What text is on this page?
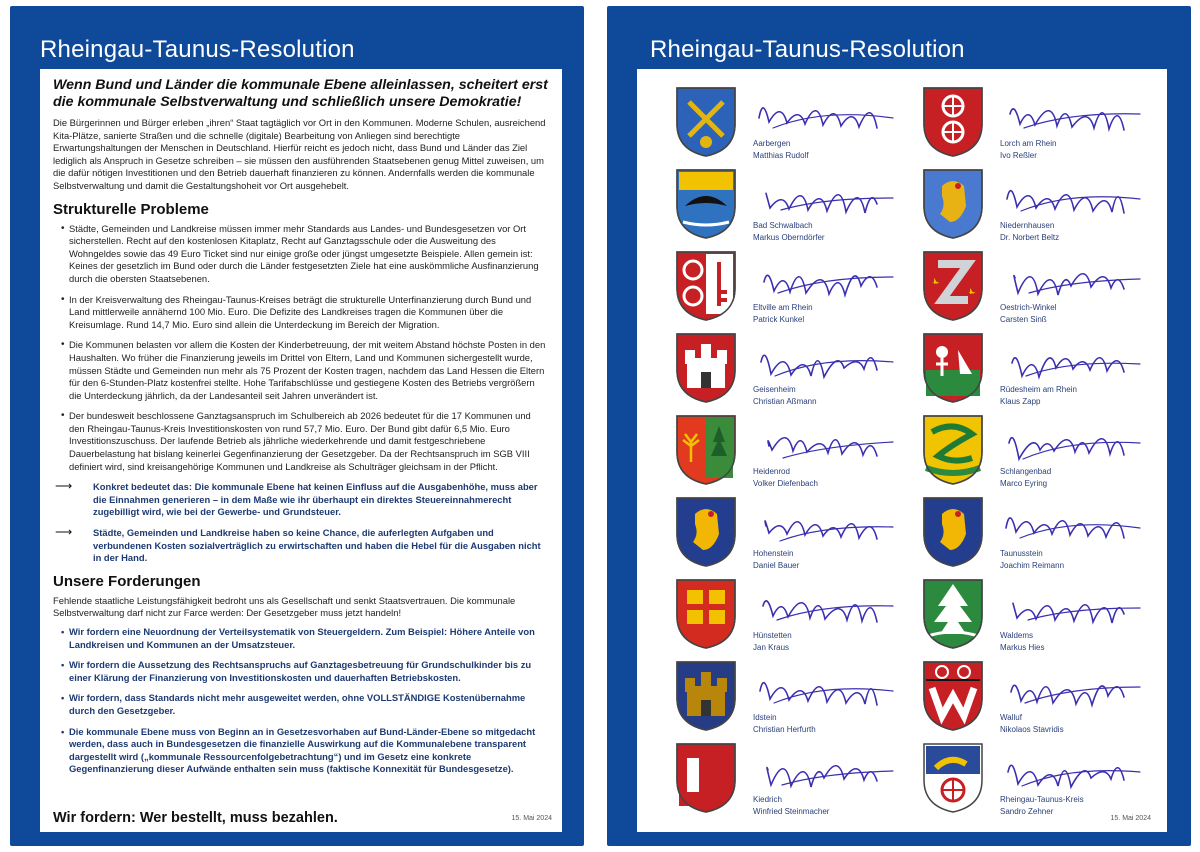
Rheingau-Taunus-Resolution
Wenn Bund und Länder die kommunale Ebene alleinlassen, scheitert erst die kommunale Selbstverwaltung und schließlich unsere Demokratie!

Die Bürgerinnen und Bürger erleben „ihren“ Staat tagtäglich vor Ort in den Kommunen. Moderne Schulen, ausreichend Kita-Plätze, sanierte Straßen und die schnelle (digitale) Bearbeitung von Anliegen sind berechtigte Erwartungshaltungen der Menschen in Deutschland. Hierfür reicht es jedoch nicht, dass Bund und Länder das Ziel lediglich als Anspruch in Gesetze schreiben – sie müssen den ausführenden Staatsebenen genug Mittel zuweisen, um die dafür nötigen Investitionen und den Betrieb dauerhaft finanzieren zu können. Andernfalls werden die kommunale Selbstverwaltung und damit die Gestaltungshoheit vor Ort ausgehebelt.

Strukturelle Probleme
• Städte, Gemeinden und Landkreise müssen immer mehr Standards aus Landes- und Bundesgesetzen vor Ort sicherstellen. Recht auf den kostenlosen Kitaplatz, Recht auf Ganztagsschule oder die Ausweitung des Wohngeldes sowie das 49 Euro Ticket sind nur einige große oder jüngst umgesetzte Beispiele. Allen gemein ist: Keines der gesetzlich im Bund oder durch die Länder festgesetzten Ziele hat eine auskömmliche Ausfinanzierung durch die obersten Staatsebenen.
• In der Kreisverwaltung des Rheingau-Taunus-Kreises beträgt die strukturelle Unterfinanzierung durch Bund und Land mittlerweile annähernd 100 Mio. Euro. Die Defizite des Landkreises tragen die Kommunen über die Kreisumlage. Rund 14,7 Mio. Euro sind allein die Unterdeckung im Bereich der Migration.
• Die Kommunen belasten vor allem die Kosten der Kinderbetreuung, der mit weitem Abstand höchste Posten in den Haushalten. Wo früher die Finanzierung jeweils im Drittel von Eltern, Land und Kommunen sichergestellt wurde, müssen Städte und Gemeinden nun mehr als 75 Prozent der Kosten tragen, nachdem das Land Hessen die Eltern für den 6-Stunden-Platz kostenfrei stellte. Hohe Tarifabschlüsse und gestiegene Kosten des Betriebs vergrößern die Unterdeckung jährlich, da der Landesanteil seit Jahren unverändert ist.
• Der bundesweit beschlossene Ganztagsanspruch im Schulbereich ab 2026 bedeutet für die 17 Kommunen und den Rheingau-Taunus-Kreis Investitionskosten von rund 57,7 Mio. Euro. Der Bund gibt dafür 6,5 Mio. Euro Investitionszuschuss. Der laufende Betrieb als jährliche wiederkehrende und damit festgeschriebene Dauerbelastung hat bislang keinerlei Gegenfinanzierung der Gesetzgeber. Da der Rechtsanspruch im SGB VIII definiert wird, sind kreisangehörige Kommunen und Landkreise als Schulträger gleichsam in der Pflicht.
⟶ Konkret bedeutet das: Die kommunale Ebene hat keinen Einfluss auf die Ausgabenhöhe, muss aber die Einnahmen generieren – in dem Maße wie ihr überhaupt ein direktes Steuereinnahmerecht zugebilligt wird, wie bei der Gewerbe- und Grundsteuer.
⟶ Städte, Gemeinden und Landkreise haben so keine Chance, die auferlegten Aufgaben und verbundenen Kosten sozialverträglich zu erwirtschaften und haben die Hebel für die Ausgaben nicht in der Hand.
Unsere Forderungen

Fehlende staatliche Leistungsfähigkeit bedroht uns als Gesellschaft und senkt Staatsvertrauen. Die kommunale Selbstverwaltung darf nicht zur Farce werden: Der Gesetzgeber muss jetzt handeln!

• Wir fordern eine Neuordnung der Verteilsystematik von Steuergeldern. Zum Beispiel: Höhere Anteile von Landkreisen und Kommunen an der Umsatzsteuer.
• Wir fordern die Aussetzung des Rechtsanspruchs auf Ganztagesbetreuung für Grundschulkinder bis zu einer Klärung der Finanzierung von Investitionskosten und dauerhaften Betriebskosten.
• Wir fordern, dass Standards nicht mehr ausgeweitet werden, ohne VOLLSTÄNDIGE Kostenübernahme durch den Gesetzgeber.
• Die kommunale Ebene muss von Beginn an in Gesetzesvorhaben auf Bund-Länder-Ebene so mitgedacht werden, dass auch in Bundesgesetzen die finanzielle Auswirkung auf die Kommunalebene transparent dargestellt wird („kommunale Ressourcenfolgebetrachtung“) und im Gesetz eine konkrete Gegenfinanzierung dieser Aufwände enthalten sein muss (faktische Konnexität für Bundesgesetze).
Wir fordern: Wer bestellt, muss bezahlen.	15. Mai 2024
Rheingau-Taunus-Resolution
15. Mai 2024
Aarbergen
Matthias Rudolf
Lorch am Rhein
Ivo Reßler
Bad Schwalbach
Markus Oberndörfer
Niedernhausen
Dr. Norbert Beltz
Eltville am Rhein
Patrick Kunkel
Oestrich-Winkel
Carsten Sinß
Geisenheim
Christian Aßmann
Rüdesheim am Rhein
Klaus Zapp
Heidenrod
Volker Diefenbach
Schlangenbad
Marco Eyring
Hohenstein
Daniel Bauer
Taunusstein
Joachim Reimann
Hünstetten
Jan Kraus
Waldems
Markus Hies
Idstein
Christian Herfurth
Walluf
Nikolaos Stavridis
Kiedrich
Winfried Steinmacher
Rheingau-Taunus-Kreis
Sandro Zehner
